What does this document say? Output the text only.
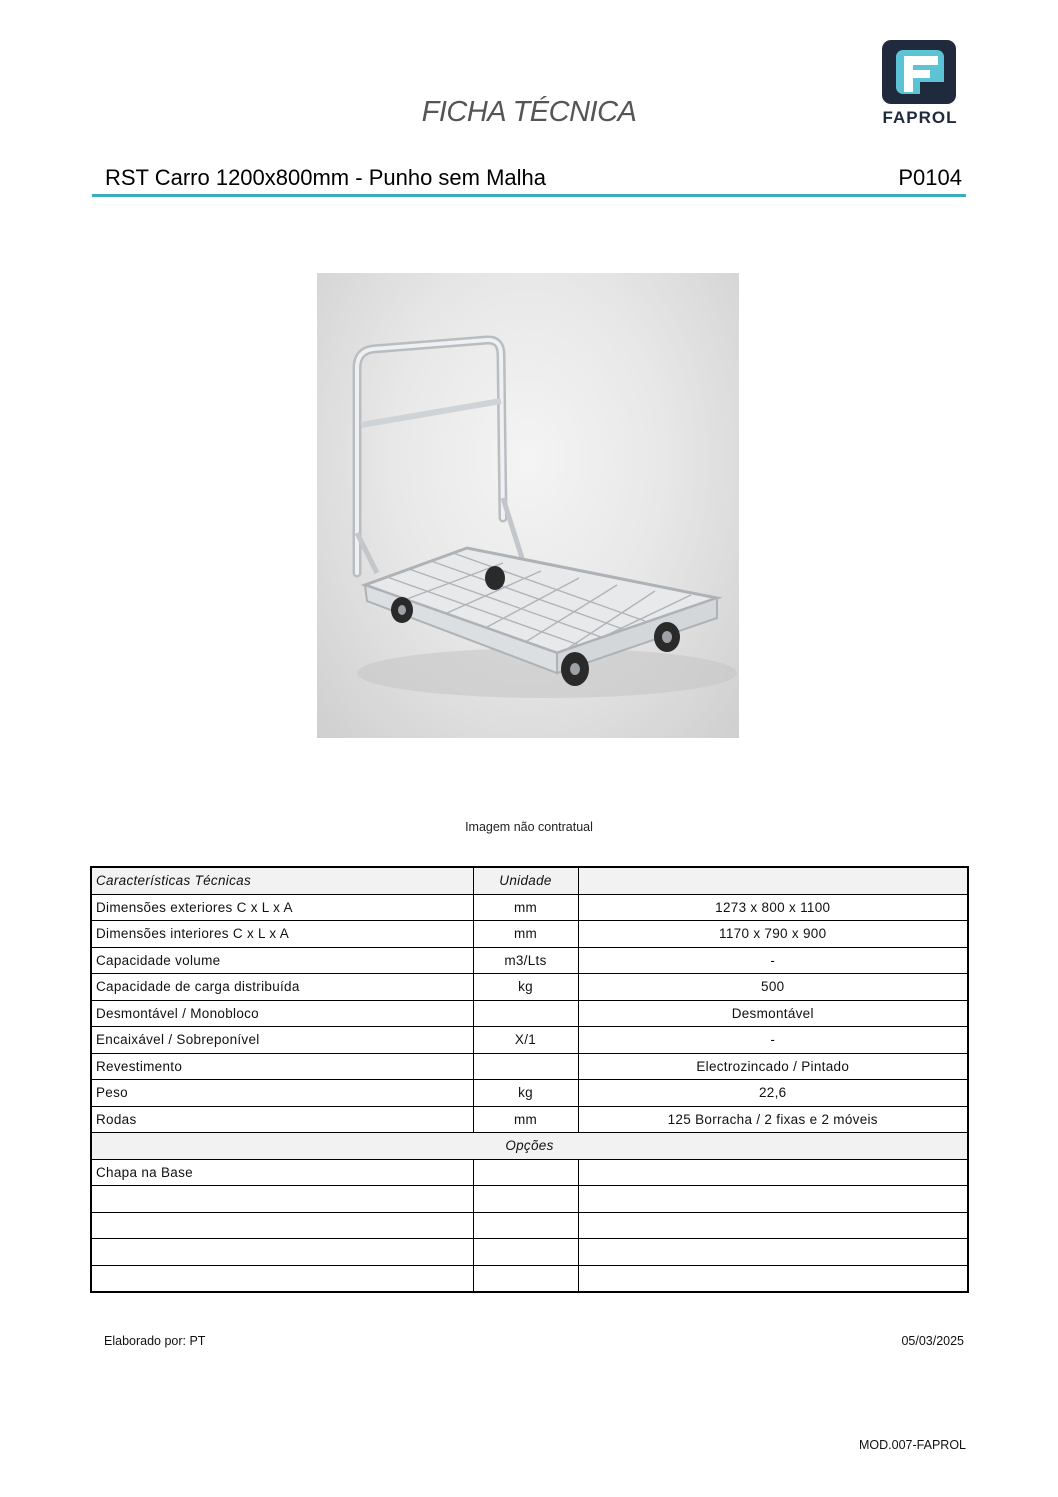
FICHA TÉCNICA	FAPROL
RST Carro 1200x800mm - Punho sem Malha	P0104
Imagem não contratual
Características Técnicas	Unidade	
Dimensões exteriores C x L x A	mm	1273 x 800 x 1100
Dimensões interiores C x L x A	mm	1170 x 790 x 900
Capacidade volume	m3/Lts	-
Capacidade de carga distribuída	kg	500
Desmontável / Monobloco		Desmontável
Encaixável / Sobreponível	X/1	-
Revestimento		Electrozincado / Pintado
Peso	kg	22,6
Rodas	mm	125 Borracha / 2 fixas e 2 móveis
Opções		
Chapa na Base		

Elaborado por: PT	05/03/2025
MOD.007-FAPROL
